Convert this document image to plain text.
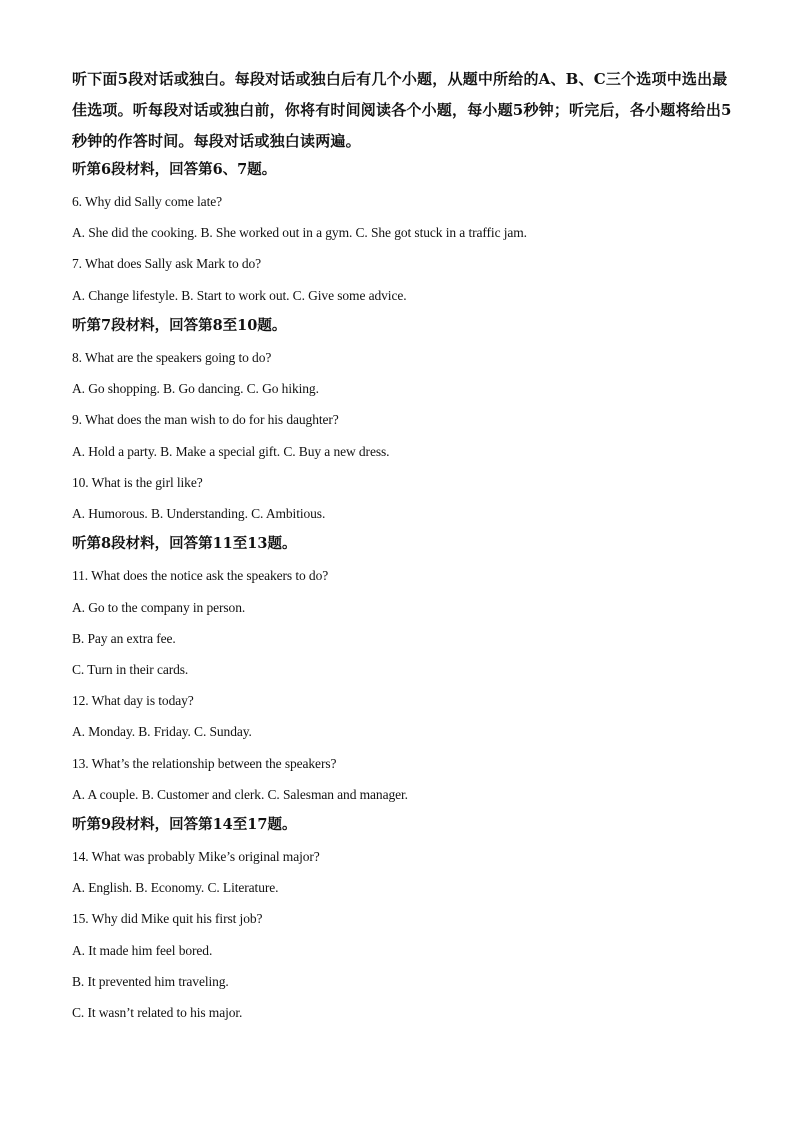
听下面5段对话或独白。每段对话或独白后有几个小题，从题中所给的A、B、C三个选项中选出最佳选项。听每段对话或独白前，你将有时间阅读各个小题，每小题5秒钟；听完后，各小题将给出5秒钟的作答时间。每段对话或独白读两遍。

听第6段材料，回答第6、7题。

6. Why did Sally come late?

A. She did the cooking. B. She worked out in a gym. C. She got stuck in a traffic jam.

7. What does Sally ask Mark to do?

A. Change lifestyle. B. Start to work out. C. Give some advice.

听第7段材料，回答第8至10题。

8. What are the speakers going to do?

A. Go shopping. B. Go dancing. C. Go hiking.

9. What does the man wish to do for his daughter?

A. Hold a party. B. Make a special gift. C. Buy a new dress.

10. What is the girl like?

A. Humorous. B. Understanding. C. Ambitious.

听第8段材料，回答第11至13题。

11. What does the notice ask the speakers to do?

A. Go to the company in person.

B. Pay an extra fee.

C. Turn in their cards.

12. What day is today?

A. Monday. B. Friday. C. Sunday.

13. What’s the relationship between the speakers?

A. A couple. B. Customer and clerk. C. Salesman and manager.

听第9段材料，回答第14至17题。

14. What was probably Mike’s original major?

A. English. B. Economy. C. Literature.

15. Why did Mike quit his first job?

A. It made him feel bored.

B. It prevented him traveling.

C. It wasn’t related to his major.
